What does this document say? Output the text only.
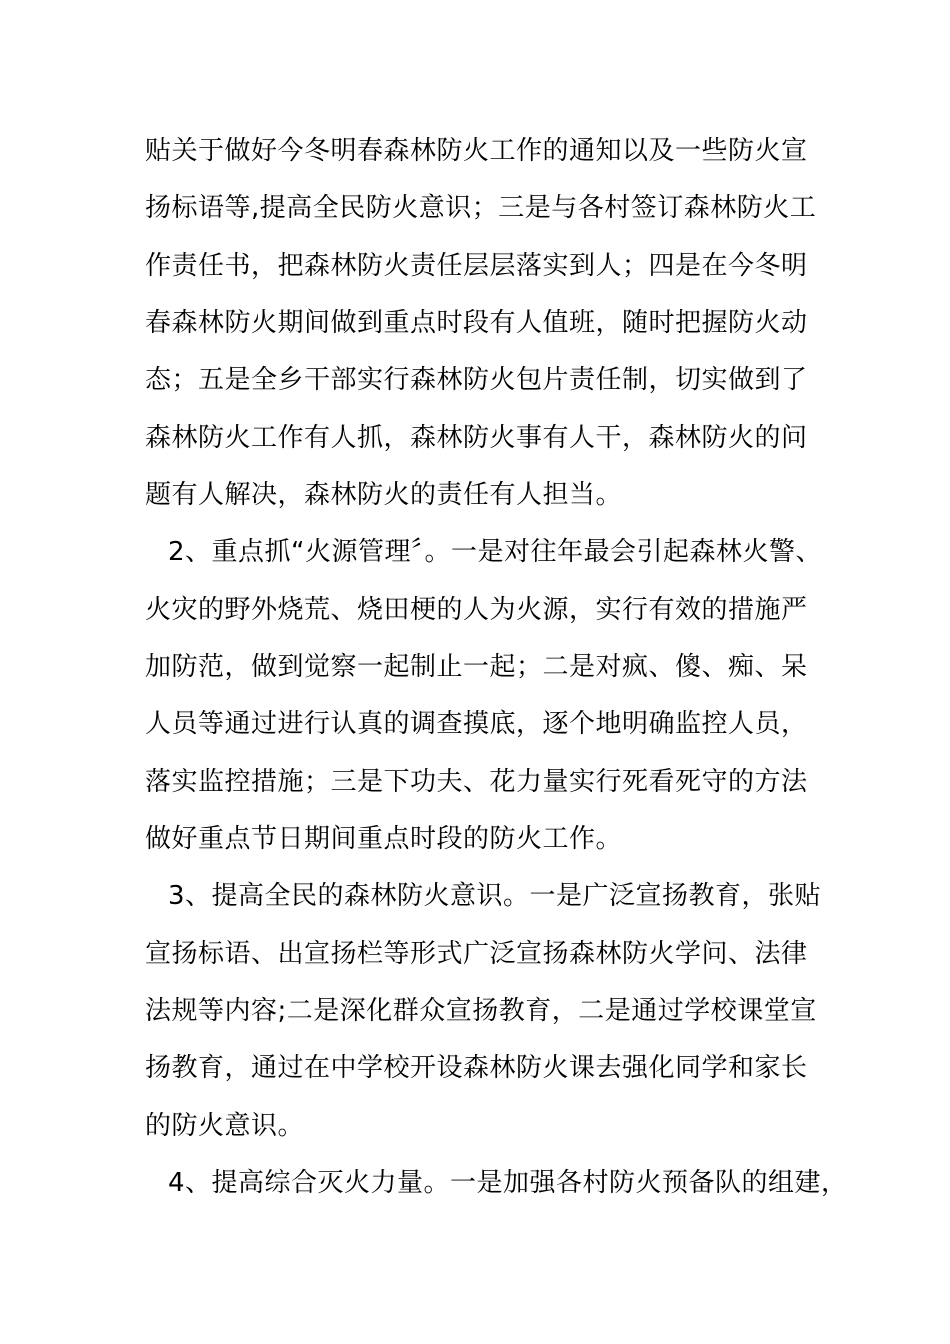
贴关于做好今冬明春森林防火工作的通知以及一些防火宣
扬标语等,提高全民防火意识；三是与各村签订森林防火工
作责任书，把森林防火责任层层落实到人；四是在今冬明
春森林防火期间做到重点时段有人值班，随时把握防火动
态；五是全乡干部实行森林防火包片责任制，切实做到了
森林防火工作有人抓，森林防火事有人干，森林防火的问
题有人解决，森林防火的责任有人担当。
2、重点抓“火源管理〞。一是对往年最会引起森林火警、
火灾的野外烧荒、烧田梗的人为火源，实行有效的措施严
加防范，做到觉察一起制止一起；二是对疯、傻、痴、呆
人员等通过进行认真的调查摸底，逐个地明确监控人员，
落实监控措施；三是下功夫、花力量实行死看死守的方法
做好重点节日期间重点时段的防火工作。
3、提高全民的森林防火意识。一是广泛宣扬教育，张贴
宣扬标语、出宣扬栏等形式广泛宣扬森林防火学问、法律
法规等内容;二是深化群众宣扬教育，二是通过学校课堂宣
扬教育，通过在中学校开设森林防火课去强化同学和家长
的防火意识。
4、提高综合灭火力量。一是加强各村防火预备队的组建，
